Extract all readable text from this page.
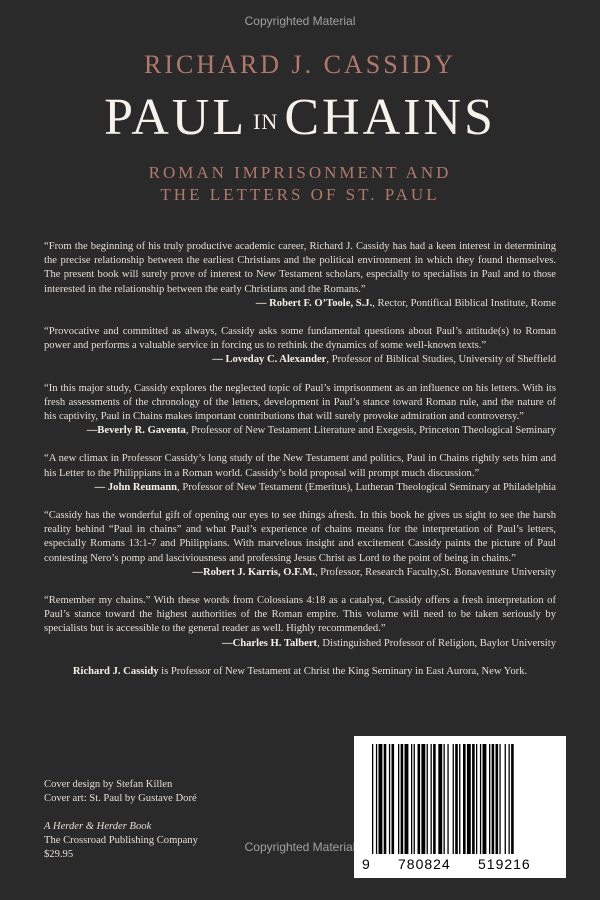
Copyrighted Material
RICHARD J. CASSIDY
PAUL IN CHAINS
ROMAN IMPRISONMENT AND
THE LETTERS OF ST. PAUL

“From the beginning of his truly productive academic career, Richard J. Cassidy has had a keen interest in determining the precise relationship between the earliest Christians and the political environment in which they found themselves. The present book will surely prove of interest to New Testament scholars, especially to specialists in Paul and to those interested in the relationship between the early Christians and the Romans.”

— Robert F. O’Toole, S.J., Rector, Pontifical Biblical Institute, Rome

“Provocative and committed as always, Cassidy asks some fundamental questions about Paul’s attitude(s) to Roman power and performs a valuable service in forcing us to rethink the dynamics of some well-known texts.”

— Loveday C. Alexander, Professor of Biblical Studies, University of Sheffield

“In this major study, Cassidy explores the neglected topic of Paul’s imprisonment as an influence on his letters. With its fresh assessments of the chronology of the letters, development in Paul’s stance toward Roman rule, and the nature of his captivity, Paul in Chains makes important contributions that will surely provoke admiration and controversy.”

—Beverly R. Gaventa, Professor of New Testament Literature and Exegesis, Princeton Theological Seminary

“A new climax in Professor Cassidy’s long study of the New Testament and politics, Paul in Chains rightly sets him and his Letter to the Philippians in a Roman world. Cassidy’s bold proposal will prompt much discussion.”

— John Reumann, Professor of New Testament (Emeritus), Lutheran Theological Seminary at Philadelphia

“Cassidy has the wonderful gift of opening our eyes to see things afresh. In this book he gives us sight to see the harsh reality behind “Paul in chains” and what Paul’s experience of chains means for the interpretation of Paul’s letters, especially Romans 13:1-7 and Philippians. With marvelous insight and excitement Cassidy paints the picture of Paul contesting Nero’s pomp and lasciviousness and professing Jesus Christ as Lord to the point of being in chains.”

—Robert J. Karris, O.F.M., Professor, Research Faculty,St. Bonaventure University

“Remember my chains.” With these words from Colossians 4:18 as a catalyst, Cassidy offers a fresh interpretation of Paul’s stance toward the highest authorities of the Roman empire. This volume will need to be taken seriously by specialists but is accessible to the general reader as well. Highly recommended.”

—Charles H. Talbert, Distinguished Professor of Religion, Baylor University

Richard J. Cassidy is Professor of New Testament at Christ the King Seminary in East Aurora, New York.
Cover design by Stefan Killen
Cover art: St. Paul by Gustave Doré
A Herder & Herder Book
The Crossroad Publishing Company
$29.95
9 780824 519216
Copyrighted Material
